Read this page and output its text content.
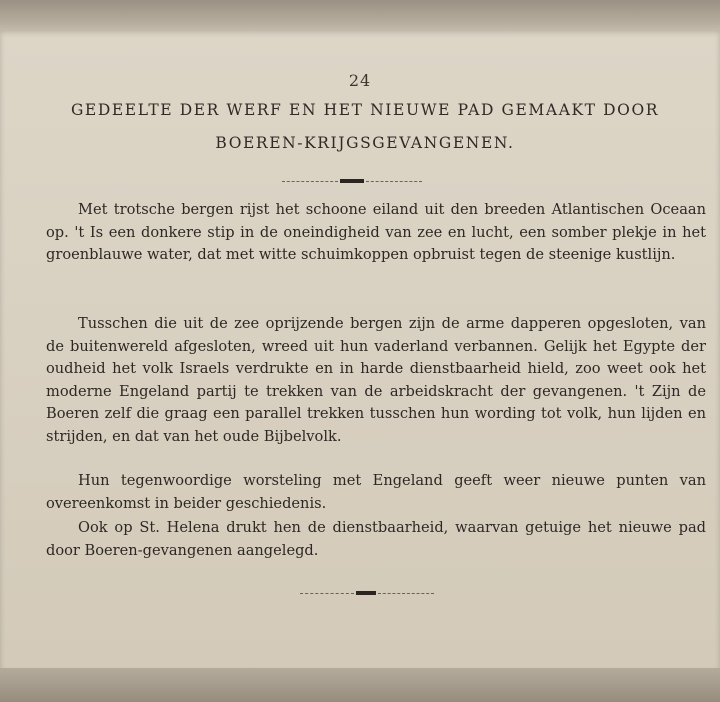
24
GEDEELTE DER WERF EN HET NIEUWE PAD GEMAAKT DOOR
BOEREN-KRIJGSGEVANGENEN.

Met trotsche bergen rijst het schoone eiland uit den breeden Atlantischen Oceaan op. 't Is een donkere stip in de oneindigheid van zee en lucht, een somber plekje in het groenblauwe water, dat met witte schuimkoppen opbruist tegen de steenige kustlijn.

Tusschen die uit de zee oprijzende bergen zijn de arme dapperen opgesloten, van de buitenwereld afgesloten, wreed uit hun vaderland verbannen. Gelijk het Egypte der oudheid het volk Israels verdrukte en in harde dienstbaarheid hield, zoo weet ook het moderne Engeland partij te trekken van de arbeidskracht der gevangenen. 't Zijn de Boeren zelf die graag een parallel trekken tusschen hun wording tot volk, hun lijden en strijden, en dat van het oude Bijbelvolk.

Hun tegenwoordige worsteling met Engeland geeft weer nieuwe punten van overeenkomst in beider geschiedenis.

Ook op St. Helena drukt hen de dienstbaarheid, waarvan getuige het nieuwe pad door Boeren-gevangenen aangelegd.
